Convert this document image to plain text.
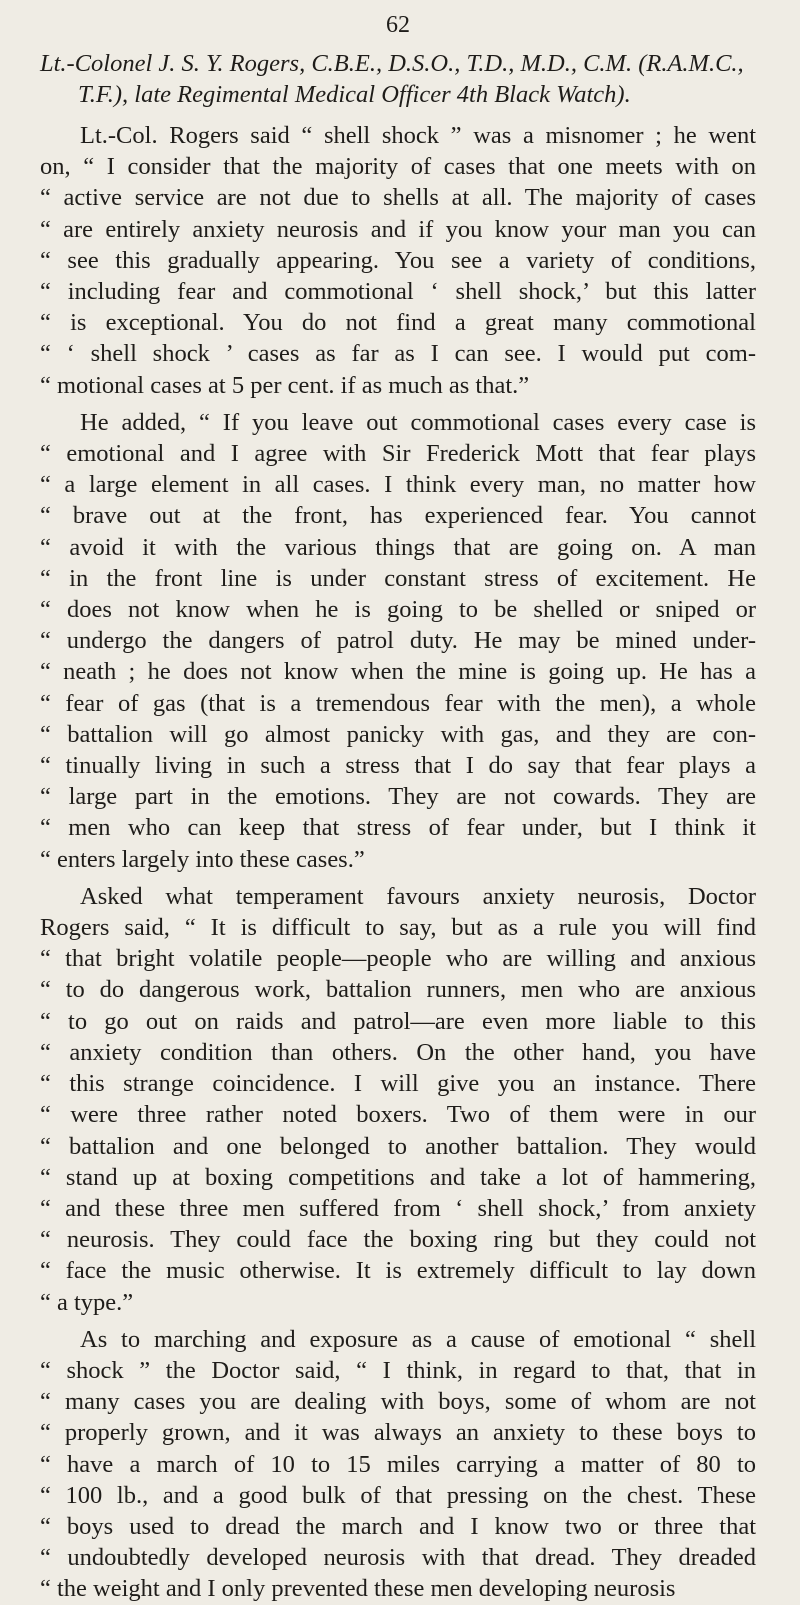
62
Lt.-Colonel J. S. Y. Rogers, C.B.E., D.S.O., T.D., M.D., C.M. (R.A.M.C., T.F.), late Regimental Medical Officer 4th Black Watch).
Lt.-Col. Rogers said “ shell shock ” was a misnomer ; he went
on, “ I consider that the majority of cases that one meets with on
“ active service are not due to shells at all. The majority of cases
“ are entirely anxiety neurosis and if you know your man you can
“ see this gradually appearing. You see a variety of conditions,
“ including fear and commotional ‘ shell shock,’ but this latter
“ is exceptional. You do not find a great many commotional
“ ‘ shell shock ’ cases as far as I can see. I would put com-
“ motional cases at 5 per cent. if as much as that.”
He added, “ If you leave out commotional cases every case is
“ emotional and I agree with Sir Frederick Mott that fear plays
“ a large element in all cases. I think every man, no matter how
“ brave out at the front, has experienced fear. You cannot
“ avoid it with the various things that are going on. A man
“ in the front line is under constant stress of excitement. He
“ does not know when he is going to be shelled or sniped or
“ undergo the dangers of patrol duty. He may be mined under-
“ neath ; he does not know when the mine is going up. He has a
“ fear of gas (that is a tremendous fear with the men), a whole
“ battalion will go almost panicky with gas, and they are con-
“ tinually living in such a stress that I do say that fear plays a
“ large part in the emotions. They are not cowards. They are
“ men who can keep that stress of fear under, but I think it
“ enters largely into these cases.”
Asked what temperament favours anxiety neurosis, Doctor
Rogers said, “ It is difficult to say, but as a rule you will find
“ that bright volatile people—people who are willing and anxious
“ to do dangerous work, battalion runners, men who are anxious
“ to go out on raids and patrol—are even more liable to this
“ anxiety condition than others. On the other hand, you have
“ this strange coincidence. I will give you an instance. There
“ were three rather noted boxers. Two of them were in our
“ battalion and one belonged to another battalion. They would
“ stand up at boxing competitions and take a lot of hammering,
“ and these three men suffered from ‘ shell shock,’ from anxiety
“ neurosis. They could face the boxing ring but they could not
“ face the music otherwise. It is extremely difficult to lay down
“ a type.”
As to marching and exposure as a cause of emotional “ shell
“ shock ” the Doctor said, “ I think, in regard to that, that in
“ many cases you are dealing with boys, some of whom are not
“ properly grown, and it was always an anxiety to these boys to
“ have a march of 10 to 15 miles carrying a matter of 80 to
“ 100 lb., and a good bulk of that pressing on the chest. These
“ boys used to dread the march and I know two or three that
“ undoubtedly developed neurosis with that dread. They dreaded
“ the weight and I only prevented these men developing neurosis
